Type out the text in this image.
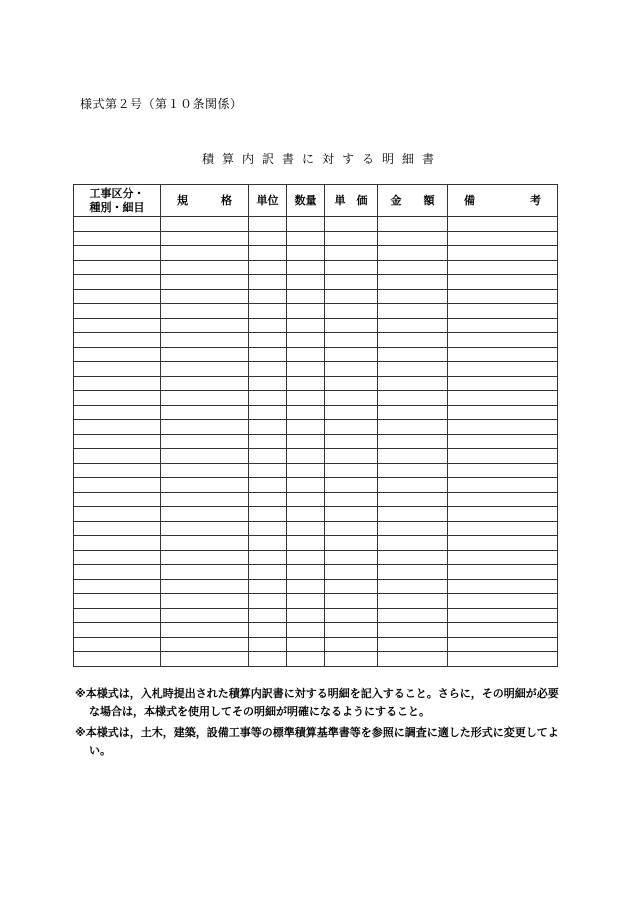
様式第２号（第１０条関係）
積算内訳書に対する明細書
工事区分・
種別・細目	規　　　格	単位	数量	単　価	金　　額	備　　　　　考

※本様式は，入札時提出された積算内訳書に対する明細を記入すること。さらに，その明細が必要な場合は，本様式を使用してその明細が明確になるようにすること。

※本様式は，土木，建築，設備工事等の標準積算基準書等を参照に調査に適した形式に変更してよい。
